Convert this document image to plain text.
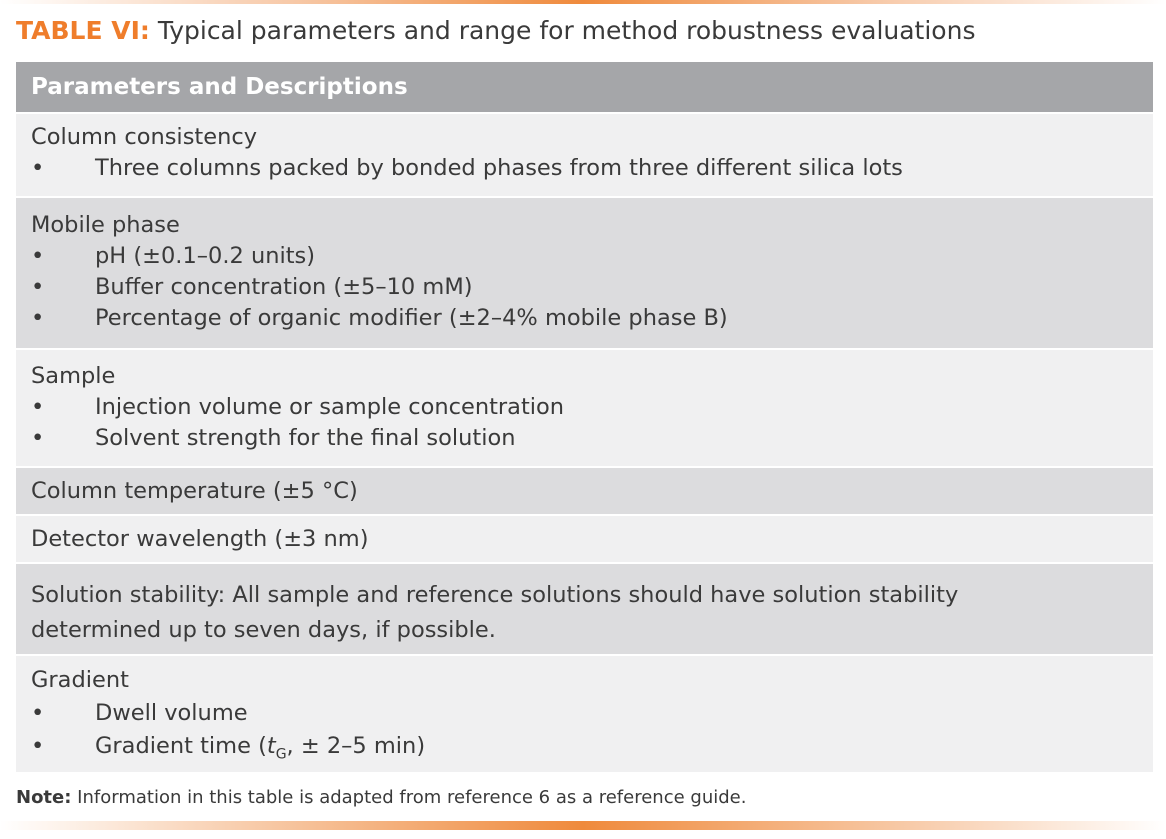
TABLE VI: Typical parameters and range for method robustness evaluations
Parameters and Descriptions
Column consistency
• Three columns packed by bonded phases from three different silica lots
Mobile phase
• pH (±0.1–0.2 units)
• Buffer concentration (±5–10 mM)
• Percentage of organic modifier (±2–4% mobile phase B)
Sample
• Injection volume or sample concentration
• Solvent strength for the final solution
Column temperature (±5 °C)
Detector wavelength (±3 nm)
Solution stability: All sample and reference solutions should have solution stability
determined up to seven days, if possible.
Gradient
• Dwell volume
• Gradient time ($t_G$, ± 2–5 min)
Note: Information in this table is adapted from reference 6 as a reference guide.
